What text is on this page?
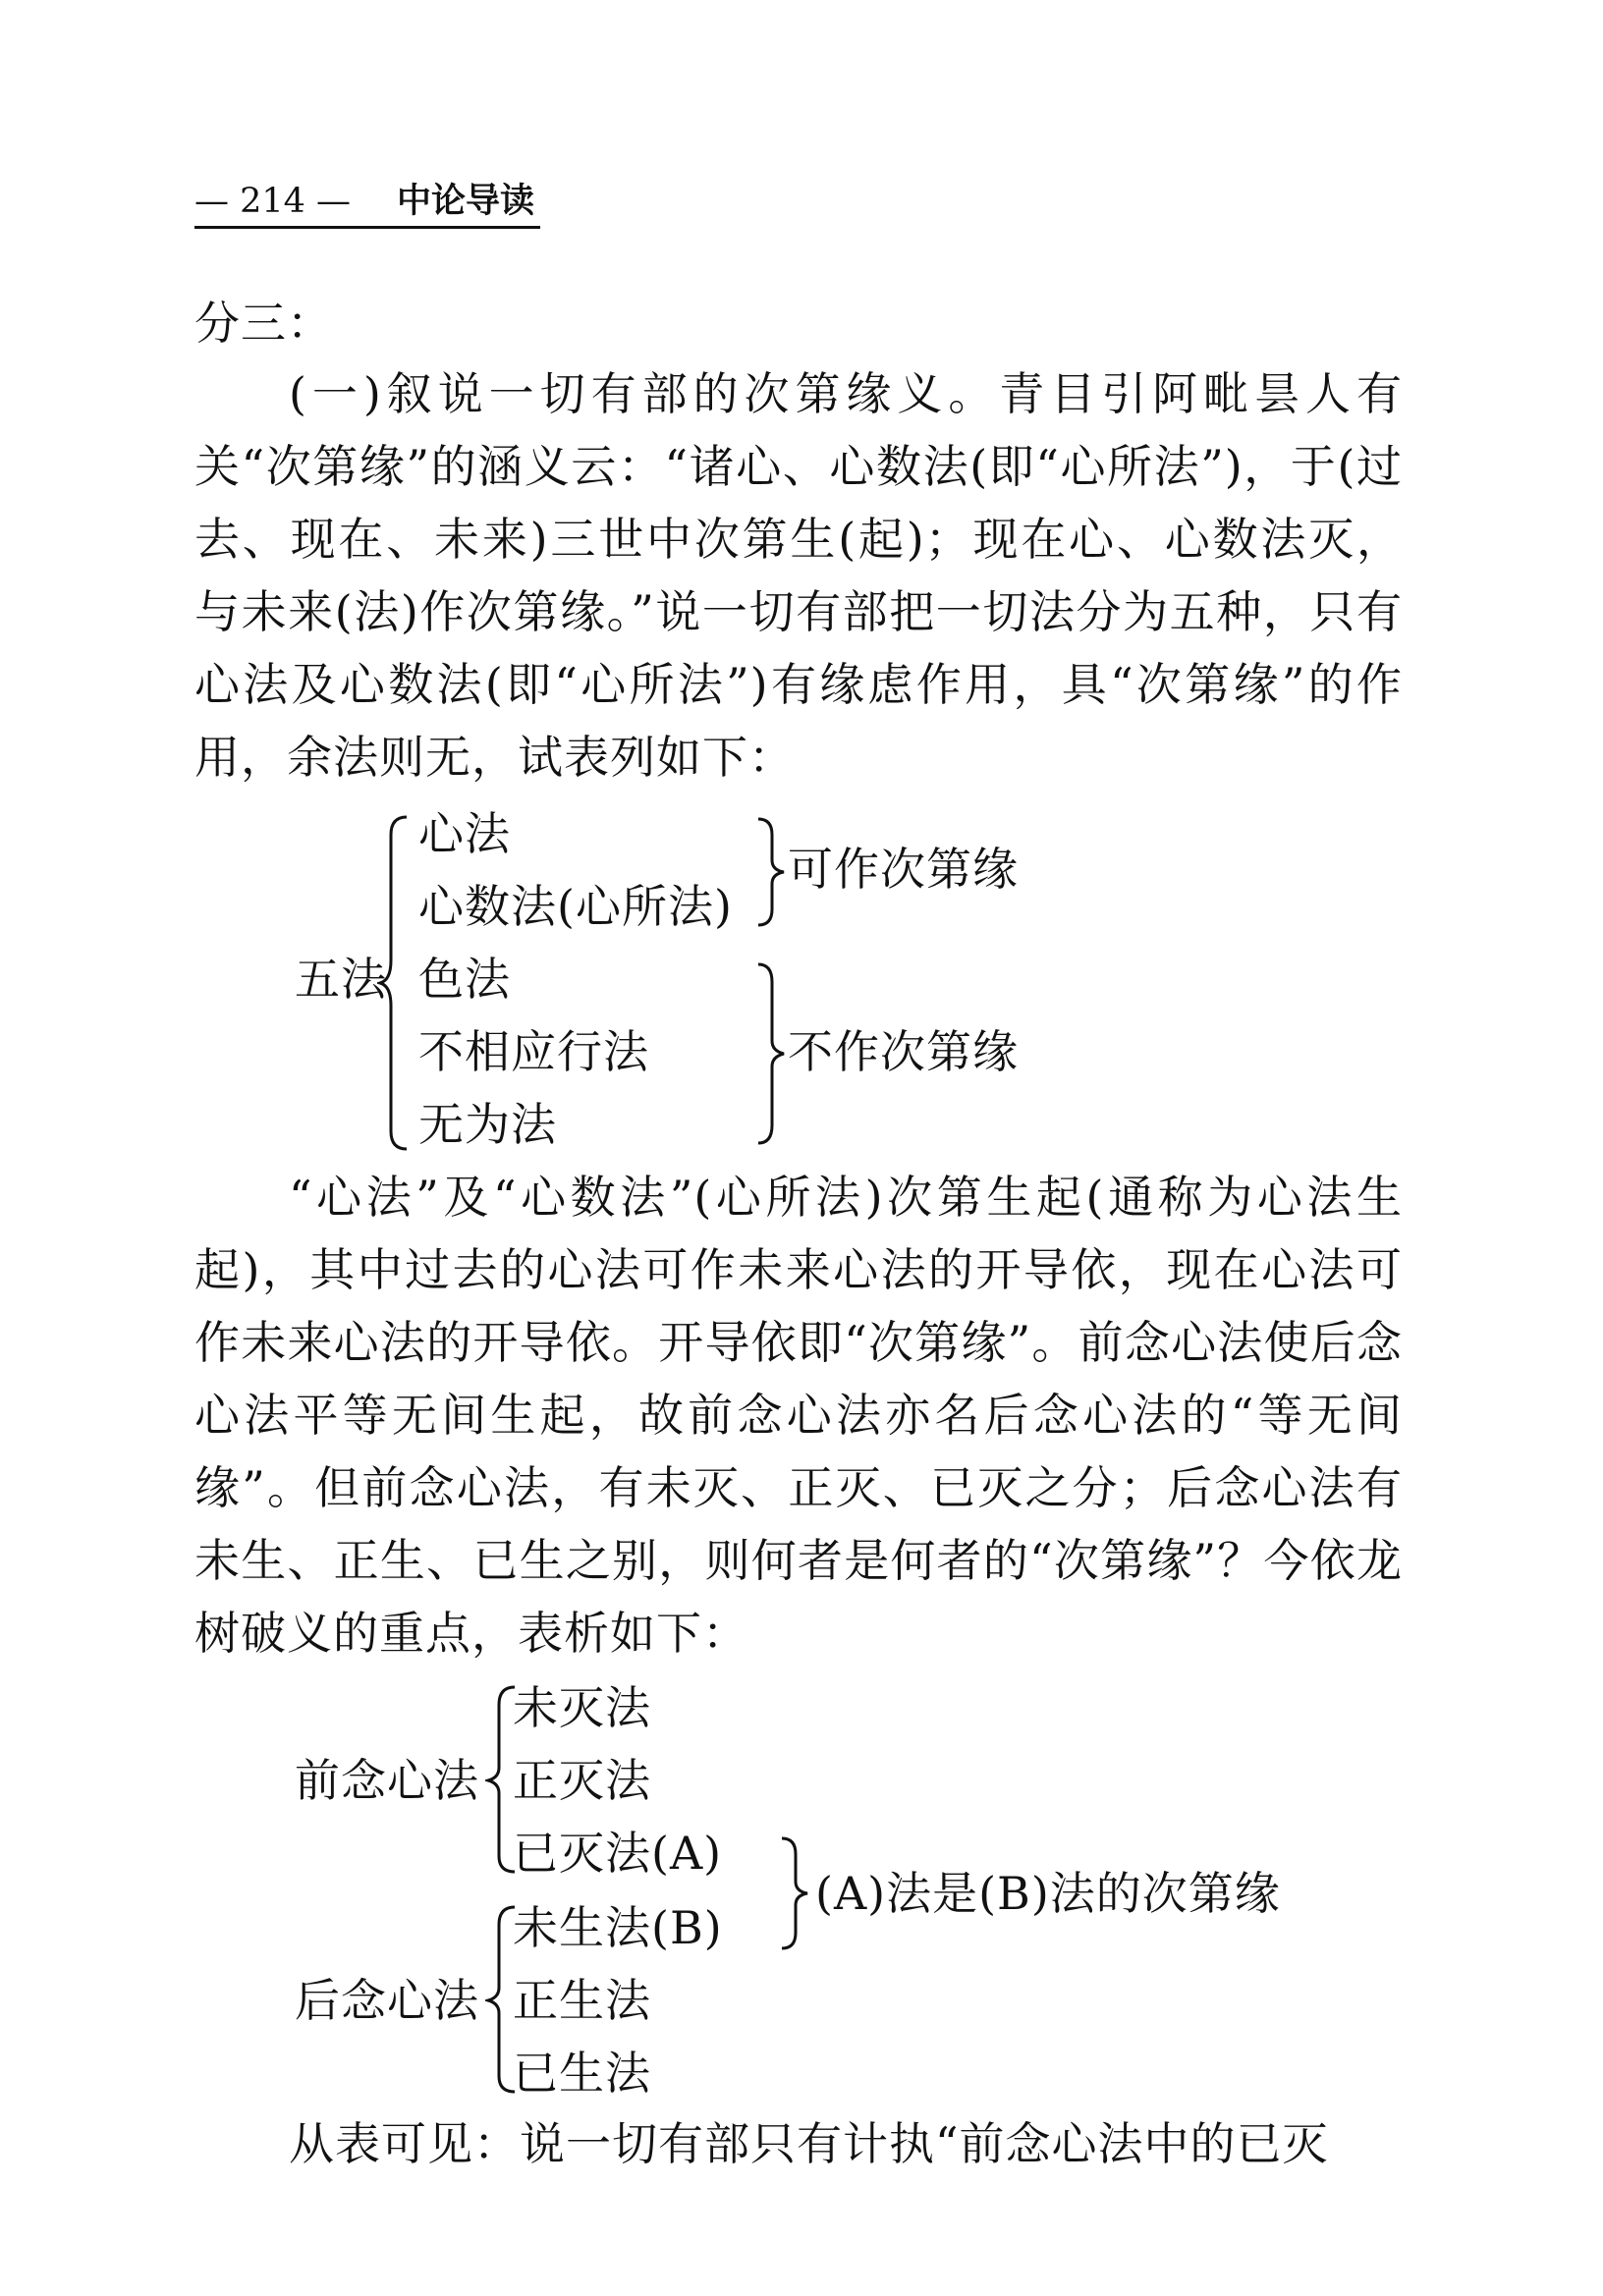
— 214 — 中论导读
分三：
(一)叙说一切有部的次第缘义。青目引阿毗昙人有关“次第缘”的涵义云：“诸心、心数法(即“心所法”)，于(过去、现在、未来)三世中次第生(起)；现在心、心数法灭，与未来(法)作次第缘。”说一切有部把一切法分为五种，只有心法及心数法(即“心所法”)有缘虑作用，具“次第缘”的作用，余法则无，试表列如下：
五法
心法
心数法(心所法)
色法
不相应行法
无为法
可作次第缘
不作次第缘
“心法”及“心数法”(心所法)次第生起(通称为心法生起)，其中过去的心法可作未来心法的开导依，现在心法可作未来心法的开导依。开导依即“次第缘”。前念心法使后念心法平等无间生起，故前念心法亦名后念心法的“等无间缘”。但前念心法，有未灭、正灭、已灭之分；后念心法有未生、正生、已生之别，则何者是何者的“次第缘”？今依龙树破义的重点，表析如下：
前念心法
未灭法
正灭法
已灭法(A)
后念心法
未生法(B)
正生法
已生法
(A)法是(B)法的次第缘
从表可见：说一切有部只有计执“前念心法中的已灭
